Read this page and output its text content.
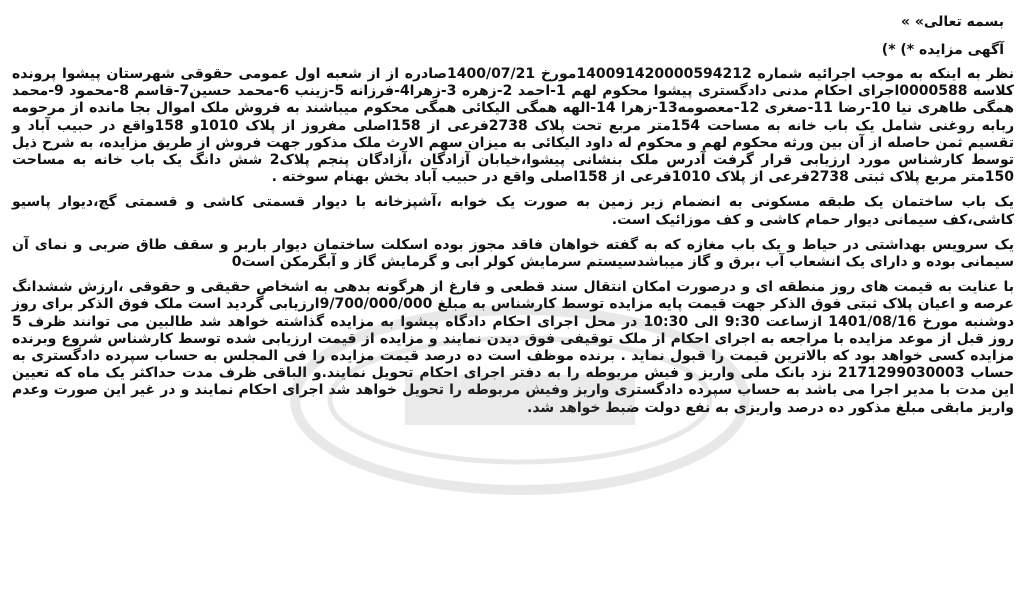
بسمه تعالی» »
آگهی مزایده *) *)

نظر به اینکه به موجب اجرائیه شماره 140091420000594212مورخ 1400/07/21صادره از از شعبه اول عمومی حقوقی شهرستان پیشوا پرونده کلاسه 0000588اجرای احکام مدنی دادگستری پیشوا محکوم لهم 1-احمد 2-زهره 3-زهرا4-فرزانه 5-زینب 6-محمد حسین7-قاسم 8-محمود 9-محمد همگی طاهری نیا 10-رضا 11-صغری 12-معصومه13-زهرا 14-الهه همگی الیکائی همگی محکوم میباشند به فروش ملک اموال بجا مانده از مرحومه ربابه روغنی شامل یک باب خانه به مساحت 154متر مربع تحت پلاک 2738فرعی از 158اصلی مفروز از پلاک 1010و 158واقع در حبیب آباد و تقسیم ثمن حاصله از آن بین ورثه محکوم لهم و محکوم له داود الیکائی به میزان سهم الارث ملک مذکور جهت فروش از طریق مزایده، به شرح ذیل توسط کارشناس مورد ارزیابی قرار گرفت آدرس ملک بنشانی پیشوا،خیابان آزادگان ،آزادگان پنجم پلاک2 شش دانگ یک باب خانه به مساحت 150متر مربع پلاک ثبتی 2738فرعی از پلاک 1010فرعی از 158اصلی واقع در حبیب آباد بخش بهنام سوخته .

یک باب ساختمان یک طبقه مسکونی به انضمام زیر زمین به صورت یک خوابه ،آشپزخانه با دیوار قسمتی کاشی و قسمتی گچ،دیوار پاسیو کاشی،کف سیمانی دیوار حمام کاشی و کف موزائیک است.

یک سرویس بهداشتی در حیاط و یک باب مغازه که به گفته خواهان فاقد مجوز بوده اسکلت ساختمان دیوار باربر و سقف طاق ضربی و نمای آن سیمانی بوده و دارای یک انشعاب آب ،برق و گاز میباشدسیستم سرمایش کولر ابی و گرمایش گاز و آبگرمکن است0

با عنایت به قیمت های روز منطقه ای و درصورت امکان انتقال سند قطعی و فارغ از هرگونه بدهی به اشخاص حقیقی و حقوقی ،ارزش ششدانگ عرصه و اعیان پلاک ثبتی فوق الذکر جهت قیمت پایه مزایده توسط کارشناس به مبلغ 9/700/000/000ارزیابی گردید است ملک فوق الذکر برای روز دوشنبه مورخ 1401/08/16 ازساعت 9:30 الی 10:30 در محل اجرای احکام دادگاه پیشوا به مزایده گذاشته خواهد شد طالبین می توانند ظرف 5 روز قبل از موعد مزایده با مراجعه به اجرای احکام از ملک توقیفی فوق دیدن نمایند و مزایده از قیمت ارزیابی شده توسط کارشناس شروع وبرنده مزایده کسی خواهد بود که بالاترین قیمت را قبول نماید . برنده موظف است ده درصد قیمت مزایده را فی المجلس به حساب سپرده دادگستری به حساب 2171299030003 نزد بانک ملی واریز و فیش مربوطه را به دفتر اجرای احکام تحویل نمایند.و الباقی ظرف مدت حداکثر یک ماه که تعیین این مدت با مدیر اجرا می باشد به حساب سپرده دادگستری واریز وفیش مربوطه را تحویل خواهد شد اجرای احکام نمایند و در غیر این صورت وعدم واریز مابقی مبلغ مذکور ده درصد واریزی به نفع دولت ضبط خواهد شد.
